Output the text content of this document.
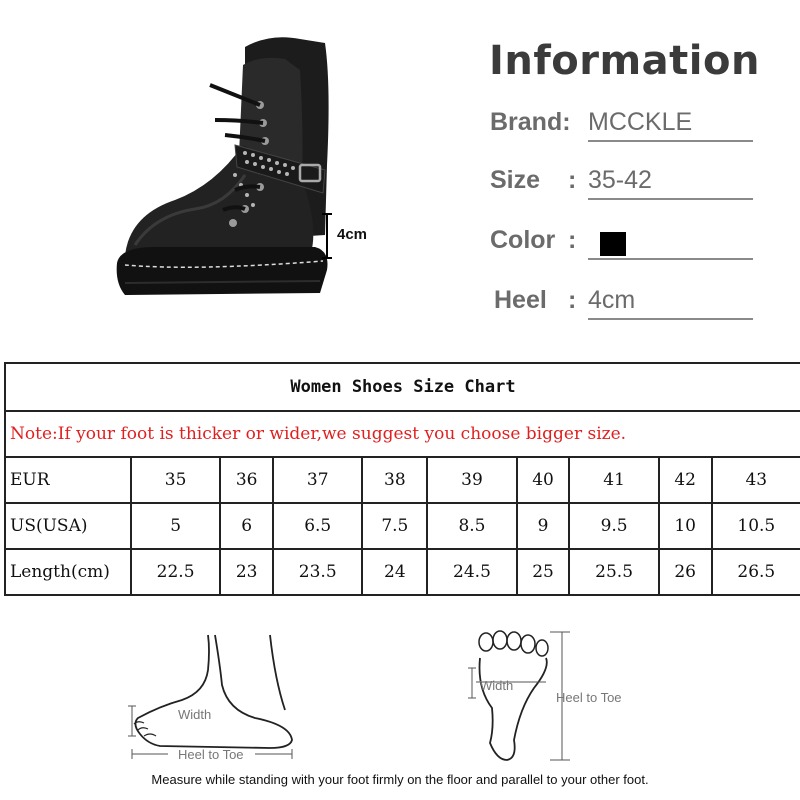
4cm
Information
Brand: MCCKLE
Size : 35-42
Color :
Heel : 4cm
Women Shoes Size Chart									
Note:If your foot is thicker or wider,we suggest you choose bigger size.									
EUR	35	36	37	38	39	40	41	42	43
US(USA)	5	6	6.5	7.5	8.5	9	9.5	10	10.5
Length(cm)	22.5	23	23.5	24	24.5	25	25.5	26	26.5
Width
Heel to Toe
Width
Heel to Toe
Measure while standing with your foot firmly on the floor and parallel to your other foot.
